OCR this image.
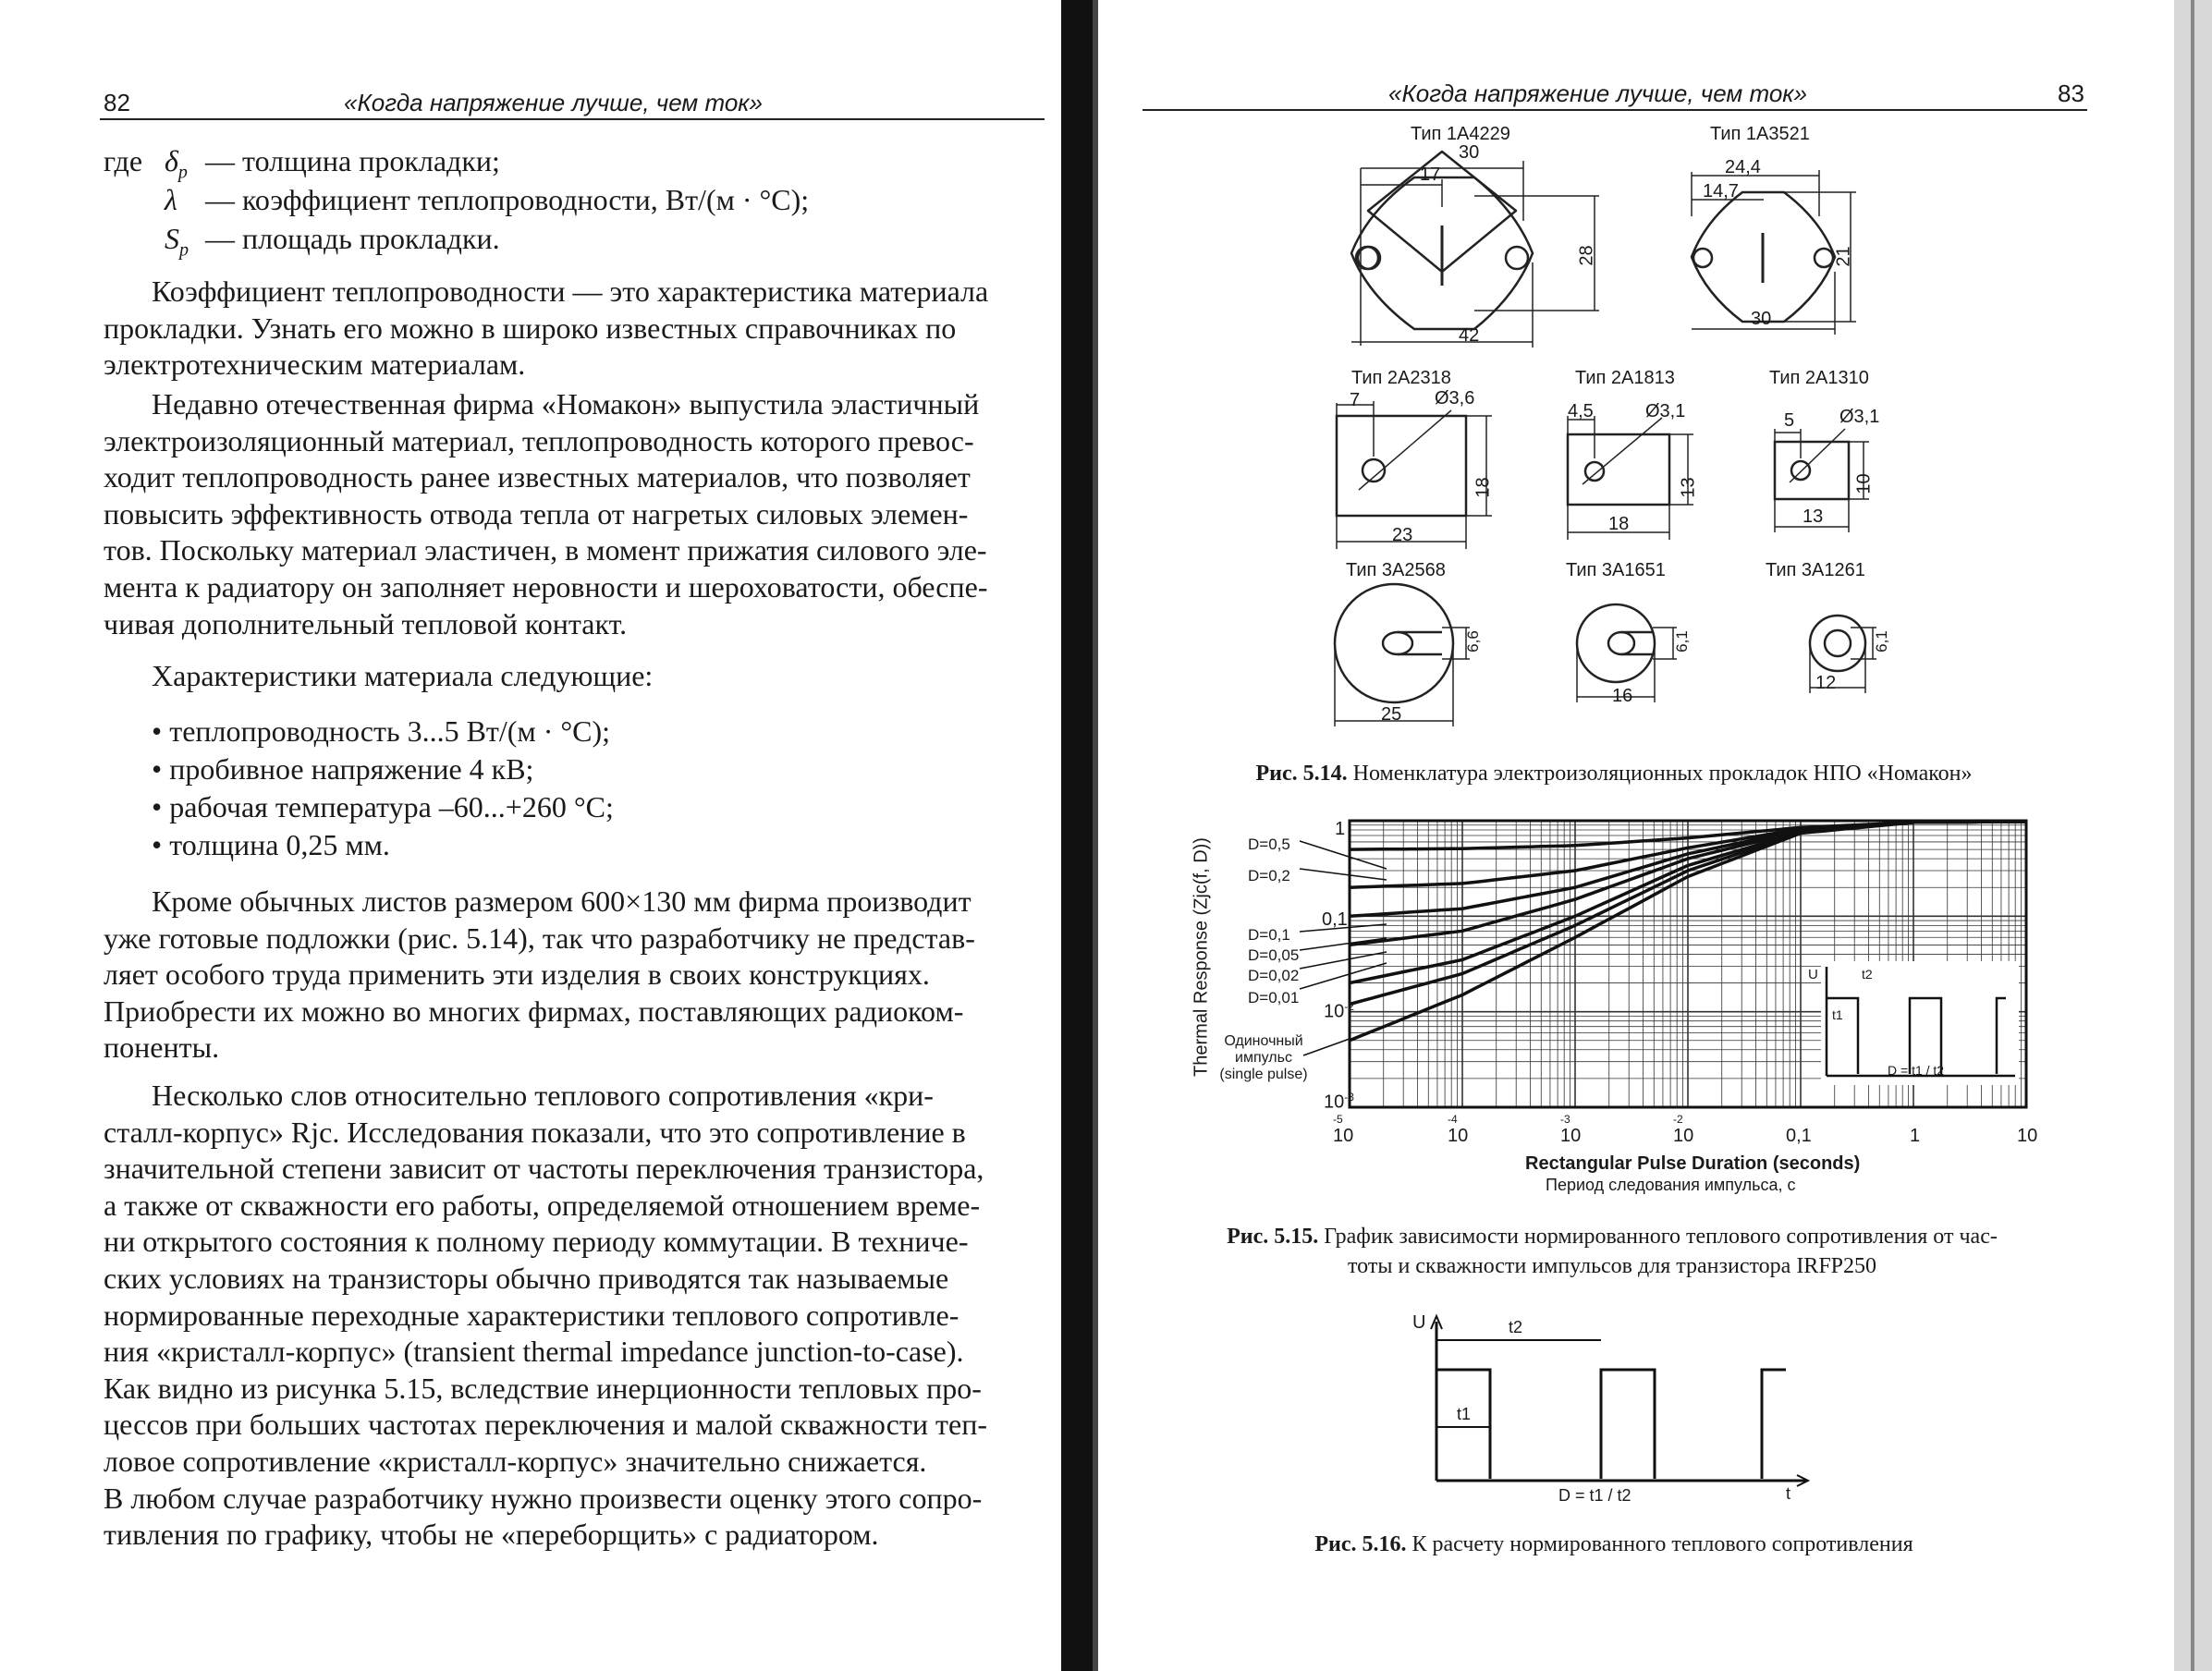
82	«Когда напряжение лучше, чем ток»
где $\delta_p$ — толщина прокладки;
λ — коэффициент теплопроводности, Вт/(м · °С);
$S_p$ — площадь прокладки.
Коэффициент теплопроводности — это характеристика материала
прокладки. Узнать его можно в широко известных справочниках по
электротехническим материалам.
Недавно отечественная фирма «Номакон» выпустила эластичный
электроизоляционный материал, теплопроводность которого превос-
ходит теплопроводность ранее известных материалов, что позволяет
повысить эффективность отвода тепла от нагретых силовых элемен-
тов. Поскольку материал эластичен, в момент прижатия силового эле-
мента к радиатору он заполняет неровности и шероховатости, обеспе-
чивая дополнительный тепловой контакт.
Характеристики материала следующие:
• теплопроводность 3...5 Вт/(м · °С);
• пробивное напряжение 4 кВ;
• рабочая температура –60...+260 °С;
• толщина 0,25 мм.
Кроме обычных листов размером 600×130 мм фирма производит
уже готовые подложки (рис. 5.14), так что разработчику не представ-
ляет особого труда применить эти изделия в своих конструкциях.
Приобрести их можно во многих фирмах, поставляющих радиоком-
поненты.
Несколько слов относительно теплового сопротивления «кри-
сталл-корпус» Rjc. Исследования показали, что это сопротивление в
значительной степени зависит от частоты переключения транзистора,
а также от скважности его работы, определяемой отношением време-
ни открытого состояния к полному периоду коммутации. В техниче-
ских условиях на транзисторы обычно приводятся так называемые
нормированные переходные характеристики теплового сопротивле-
ния «кристалл-корпус» (transient thermal impedance junction-to-case).
Как видно из рисунка 5.15, вследствие инерционности тепловых про-
цессов при больших частотах переключения и малой скважности теп-
ловое сопротивление «кристалл-корпус» значительно снижается.
В любом случае разработчику нужно произвести оценку этого сопро-
тивления по графику, чтобы не «переборщить» с радиатором.
«Когда напряжение лучше, чем ток»	83
Тип 1А4229	Тип 1А3521
30
17
28
42
24,4
14,7
21
30
Тип 2А2318	Тип 2А1813	Тип 2А1310
7	Ø3,6
18
23
4,5	Ø3,1
13
18
5 Ø3,1
10
13
Тип 3А2568	Тип 3А1651	Тип 3А1261
6,6
25
6,1
16
6,1
12
Рис. 5.14. Номенклатура электроизоляционных прокладок НПО «Номакон»
Thermal Response (Zjc(f, D)) D=0,5
D=0,2
D=0,1
D=0,05
D=0,02
D=0,01
Одиночный
импульс
(single pulse)
1
0,1
$10^{-2}$
$10^{-3}$
-5
10
-4
10
-3
10
-2
10	0,1	1	10
Rectangular Pulse Duration (seconds)
Период следования импульса, с
U	t2
t1
D = t1 / t2
Рис. 5.15. График зависимости нормированного теплового сопротивления от час-
тоты и скважности импульсов для транзистора IRFP250
U	t2
t1
D = t1 / t2	t
Рис. 5.16. К расчету нормированного теплового сопротивления
